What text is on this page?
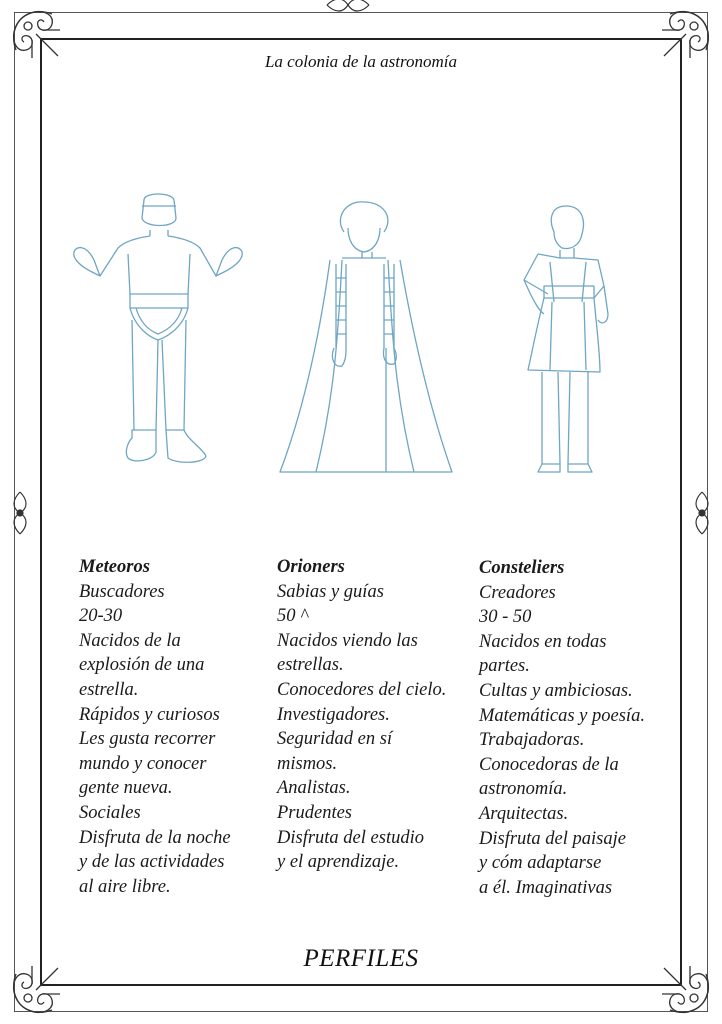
La colonia de la astronomía
Meteoros
Buscadores
20-30
Nacidos de la
explosión de una
estrella.
Rápidos y curiosos
Les gusta recorrer
mundo y conocer
gente nueva.
Sociales
Disfruta de la noche
y de las actividades
al aire libre.
Orioners
Sabias y guías
50 ^
Nacidos viendo las
estrellas.
Conocedores del cielo.
Investigadores.
Seguridad en sí
mismos.
Analistas.
Prudentes
Disfruta del estudio
y el aprendizaje.
Consteliers
Creadores
30 - 50
Nacidos en todas
partes.
Cultas y ambiciosas.
Matemáticas y poesía.
Trabajadoras.
Conocedoras de la
astronomía.
Arquitectas.
Disfruta del paisaje
y cóm adaptarse
a él. Imaginativas
PERFILES
